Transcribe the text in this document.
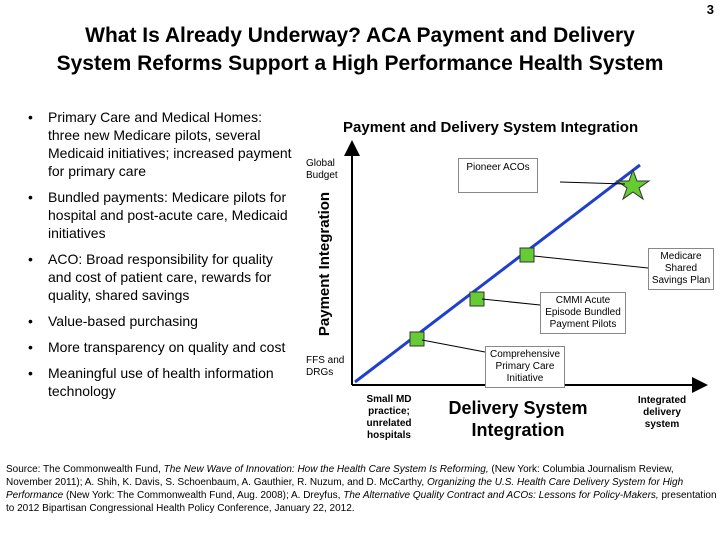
3
What Is Already Underway? ACA Payment and Delivery
System Reforms Support a High Performance Health System
• Primary Care and Medical Homes: three new Medicare pilots, several Medicaid initiatives; increased payment for primary care
• Bundled payments: Medicare pilots for hospital and post-acute care, Medicaid initiatives
• ACO: Broad responsibility for quality and cost of patient care, rewards for quality, shared savings
• Value-based purchasing
• More transparency on quality and cost
• Meaningful use of health information technology
Payment and Delivery System Integration
Payment Integration
Global Budget
FFS and DRGs
Small MD practice; unrelated hospitals
Delivery System Integration
Integrated delivery system
Pioneer ACOs
Medicare Shared Savings Plan
CMMI Acute Episode Bundled Payment Pilots
Comprehensive Primary Care Initiative
Source: The Commonwealth Fund, The New Wave of Innovation: How the Health Care System Is Reforming, (New York: Columbia Journalism Review, November 2011); A. Shih, K. Davis, S. Schoenbaum, A. Gauthier, R. Nuzum, and D. McCarthy, Organizing the U.S. Health Care Delivery System for High Performance (New York: The Commonwealth Fund, Aug. 2008); A. Dreyfus, The Alternative Quality Contract and ACOs: Lessons for Policy-Makers, presentation to 2012 Bipartisan Congressional Health Policy Conference, January 22, 2012.
